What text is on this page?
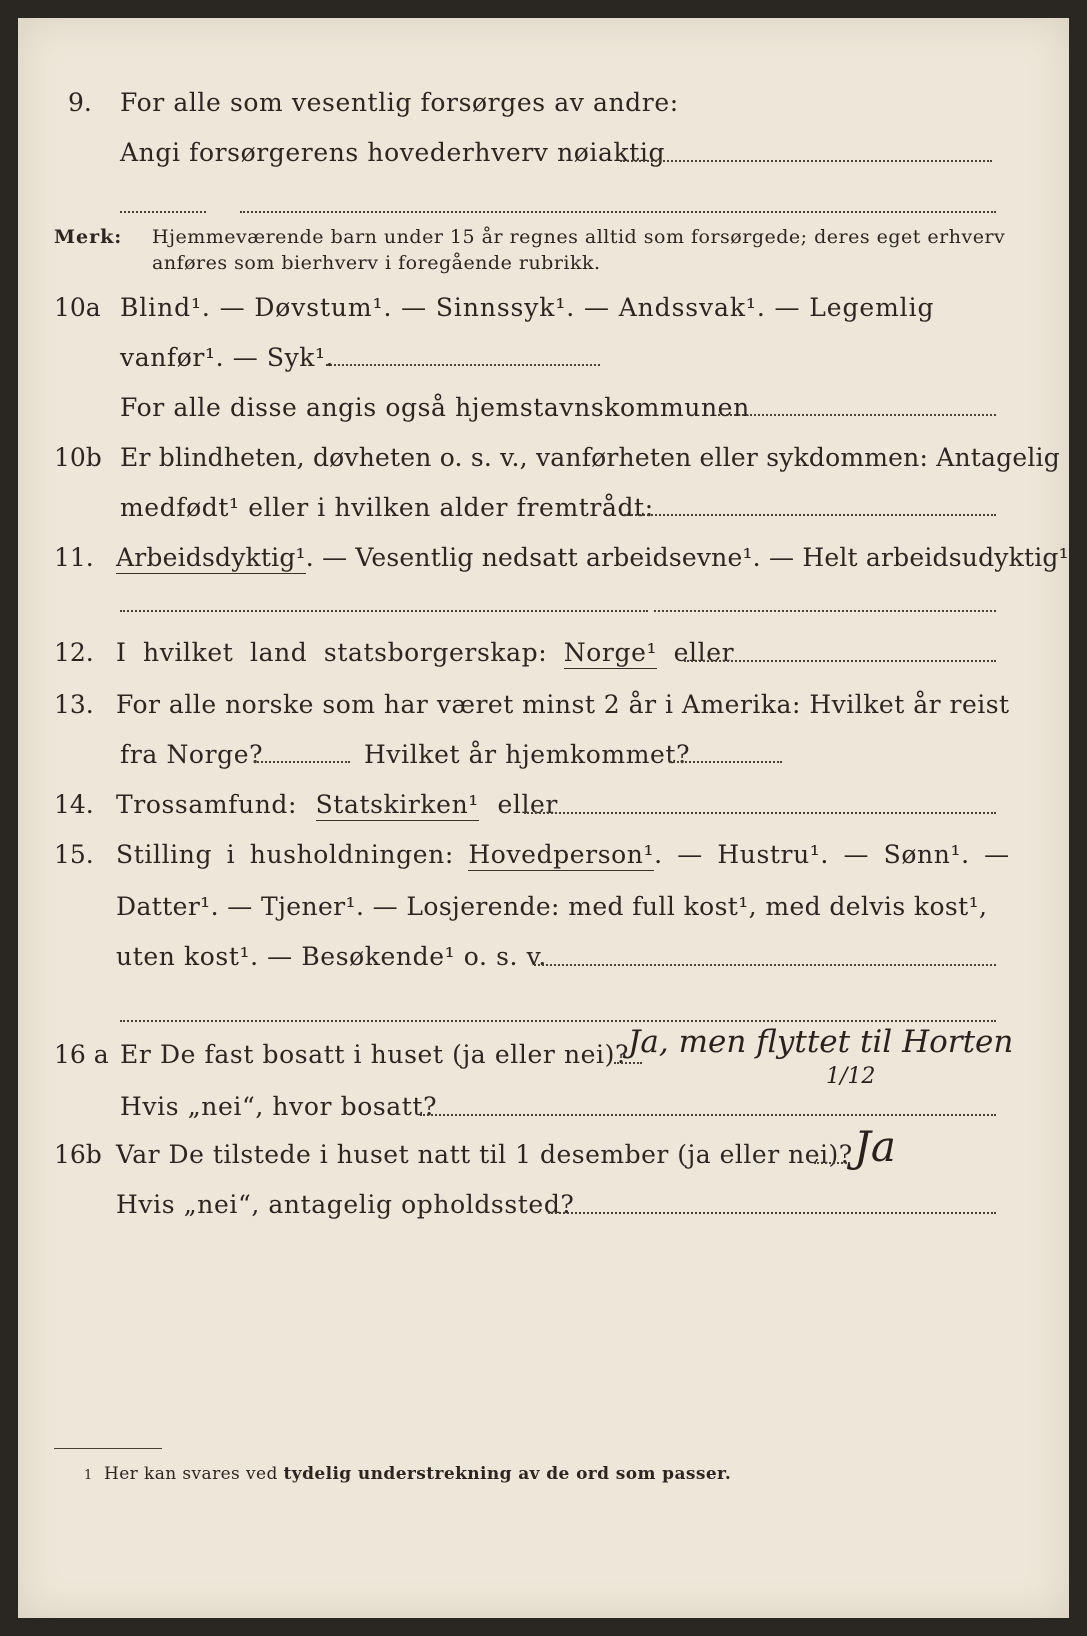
9. For alle som vesentlig forsørges av andre:
Angi forsørgerens hovederhverv nøiaktig
Merk: Hjemmeværende barn under 15 år regnes alltid som forsørgede; deres eget erhverv
anføres som bierhverv i foregående rubrikk.
10a Blind¹. — Døvstum¹. — Sinnssyk¹. — Andssvak¹. — Legemlig
vanfør¹. — Syk¹.
For alle disse angis også hjemstavnskommunen
10b Er blindheten, døvheten o. s. v., vanførheten eller sykdommen: Antagelig
medfødt¹ eller i hvilken alder fremtrådt:
11. Arbeidsdyktig¹. — Vesentlig nedsatt arbeidsevne¹. — Helt arbeidsudyktig¹.
12. I hvilket land statsborgerskap: Norge¹ eller
13. For alle norske som har været minst 2 år i Amerika: Hvilket år reist
fra Norge?	Hvilket år hjemkommet?
14. Trossamfund: Statskirken¹ eller
15. Stilling i husholdningen: Hovedperson¹. — Hustru¹. — Sønn¹. —
Datter¹. — Tjener¹. — Losjerende: med full kost¹, med delvis kost¹,
uten kost¹. — Besøkende¹ o. s. v.
16 a Er De fast bosatt i huset (ja eller nei)? Ja, men flyttet til Horten
1/12
Hvis „nei“, hvor bosatt?
16b Var De tilstede i huset natt til 1 desember (ja eller nei)? Ja
Hvis „nei“, antagelig opholdssted?
1 Her kan svares ved tydelig understrekning av de ord som passer.
